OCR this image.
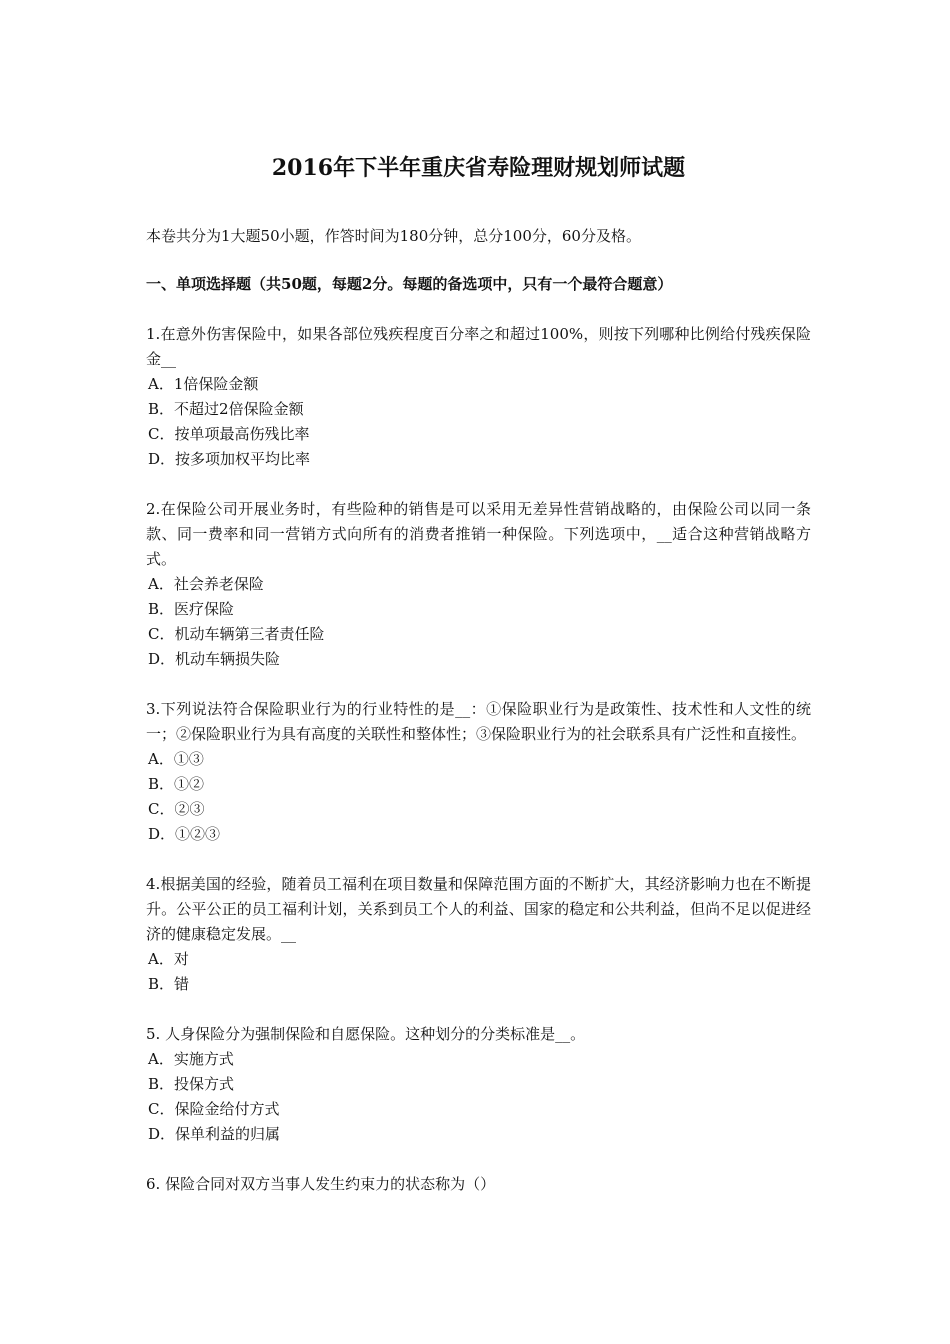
2016年下半年重庆省寿险理财规划师试题
本卷共分为1大题50小题，作答时间为180分钟，总分100分，60分及格。
一、单项选择题（共50题，每题2分。每题的备选项中，只有一个最符合题意）
1.在意外伤害保险中，如果各部位残疾程度百分率之和超过100%，则按下列哪种比例给付残疾保险金__
A．1倍保险金额
B．不超过2倍保险金额
C．按单项最高伤残比率
D．按多项加权平均比率
2.在保险公司开展业务时，有些险种的销售是可以采用无差异性营销战略的，由保险公司以同一条款、同一费率和同一营销方式向所有的消费者推销一种保险。下列选项中，__适合这种营销战略方式。
A．社会养老保险
B．医疗保险
C．机动车辆第三者责任险
D．机动车辆损失险
3.下列说法符合保险职业行为的行业特性的是__：①保险职业行为是政策性、技术性和人文性的统一；②保险职业行为具有高度的关联性和整体性；③保险职业行为的社会联系具有广泛性和直接性。
A．①③
B．①②
C．②③
D．①②③
4.根据美国的经验，随着员工福利在项目数量和保障范围方面的不断扩大，其经济影响力也在不断提升。公平公正的员工福利计划，关系到员工个人的利益、国家的稳定和公共利益，但尚不足以促进经济的健康稳定发展。__
A．对
B．错
5. 人身保险分为强制保险和自愿保险。这种划分的分类标准是__。
A．实施方式
B．投保方式
C．保险金给付方式
D．保单利益的归属
6. 保险合同对双方当事人发生约束力的状态称为（）
